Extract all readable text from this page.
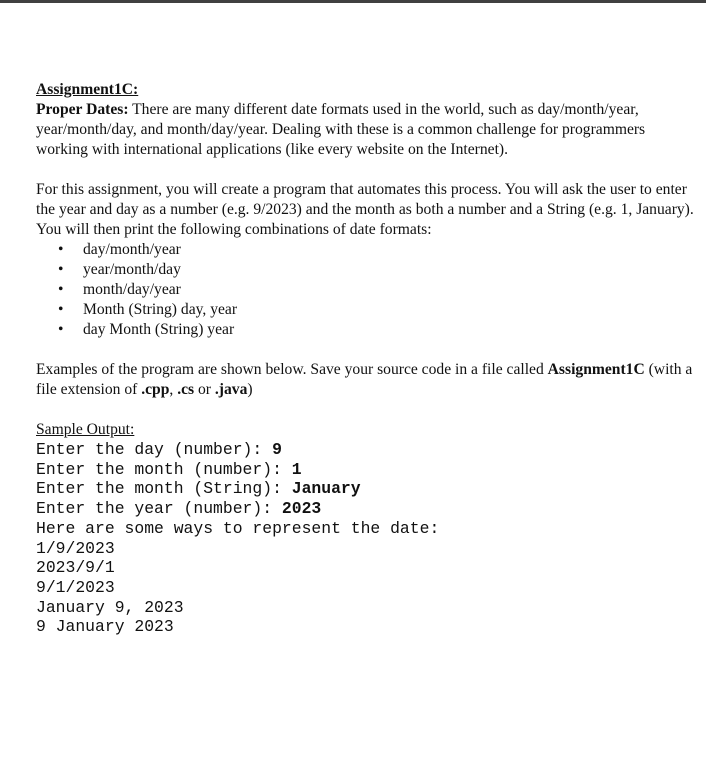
Assignment1C:

Proper Dates: There are many different date formats used in the world, such as day/month/year, year/month/day, and month/day/year. Dealing with these is a common challenge for programmers working with international applications (like every website on the Internet).

For this assignment, you will create a program that automates this process. You will ask the user to enter the year and day as a number (e.g. 9/2023) and the month as both a number and a String (e.g. 1, January). You will then print the following combinations of date formats:

• day/month/year
• year/month/day
• month/day/year
• Month (String) day, year
• day Month (String) year

Examples of the program are shown below. Save your source code in a file called Assignment1C (with a file extension of .cpp, .cs or .java)

Sample Output:
Enter the day (number): 9
Enter the month (number): 1
Enter the month (String): January
Enter the year (number): 2023
Here are some ways to represent the date:
1/9/2023
2023/9/1
9/1/2023
January 9, 2023
9 January 2023
